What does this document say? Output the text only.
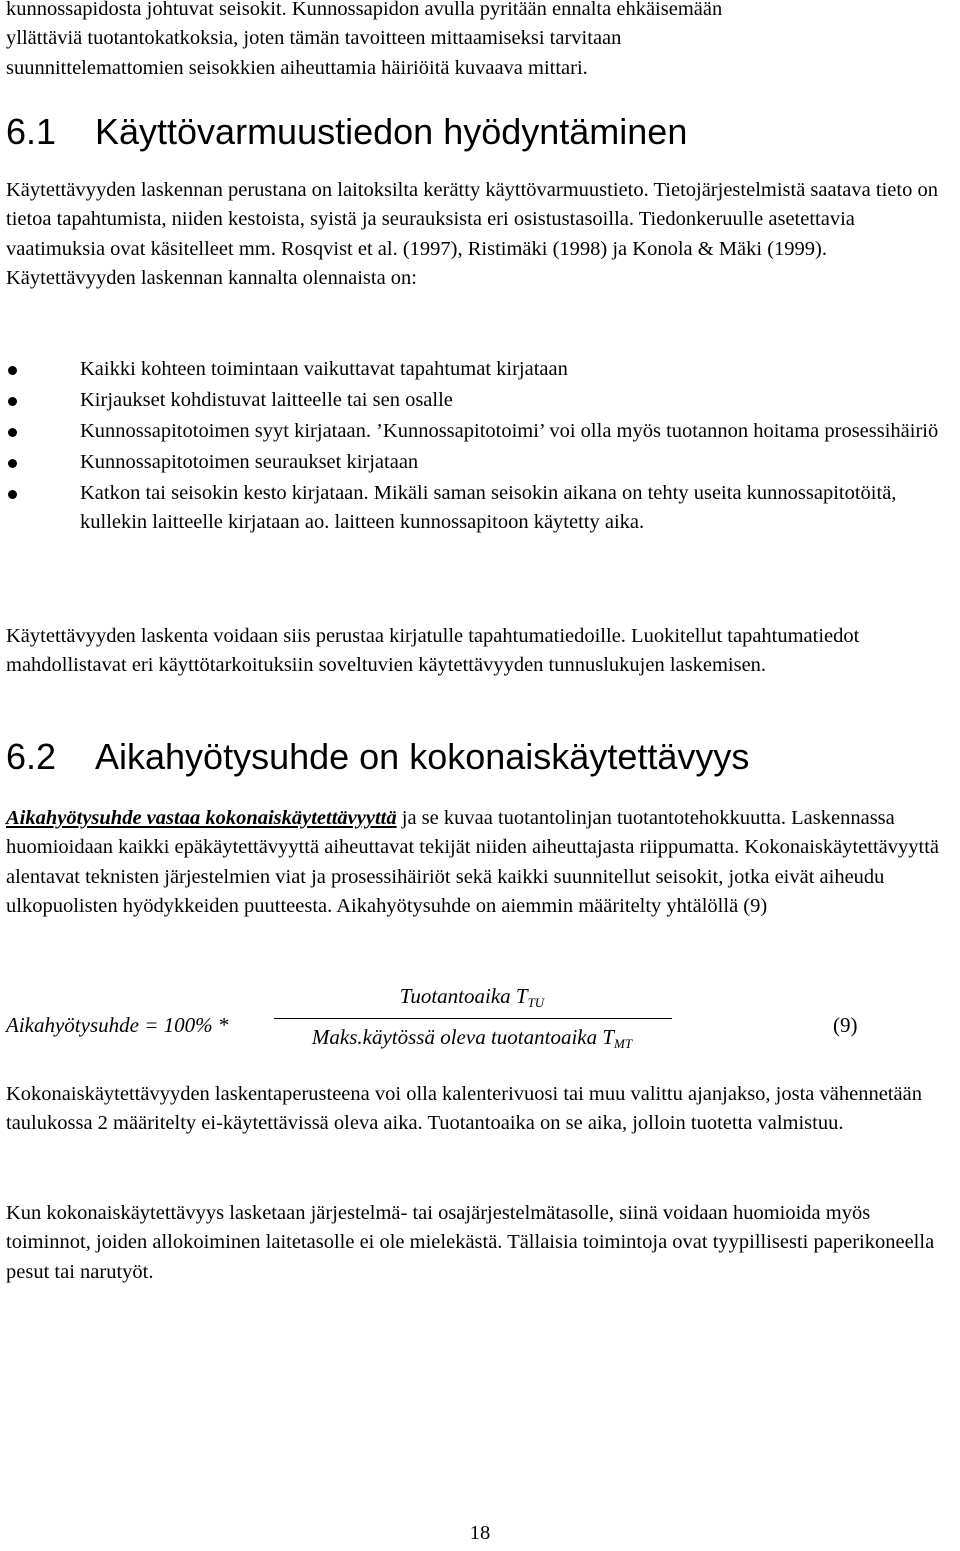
kunnossapidosta johtuvat seisokit. Kunnossapidon avulla pyritään ennalta ehkäisemään

yllättäviä tuotantokatkoksia, joten tämän tavoitteen mittaamiseksi tarvitaan

suunnittelemattomien seisokkien aiheuttamia häiriöitä kuvaava mittari.

6.1 Käyttövarmuustiedon hyödyntäminen

Käytettävyyden laskennan perustana on laitoksilta kerätty käyttövarmuustieto. Tietojärjestelmistä saatava tieto on tietoa tapahtumista, niiden kestoista, syistä ja seurauksista eri osistustasoilla. Tiedonkeruulle asetettavia vaatimuksia ovat käsitelleet mm. Rosqvist et al. (1997), Ristimäki (1998) ja Konola & Mäki (1999). Käytettävyyden laskennan kannalta olennaista on:

Kaikki kohteen toimintaan vaikuttavat tapahtumat kirjataan
Kirjaukset kohdistuvat laitteelle tai sen osalle
Kunnossapitotoimen syyt kirjataan. ’Kunnossapitotoimi’ voi olla myös tuotannon hoitama prosessihäiriö
Kunnossapitotoimen seuraukset kirjataan
Katkon tai seisokin kesto kirjataan. Mikäli saman seisokin aikana on tehty useita kunnossapitotöitä, kullekin laitteelle kirjataan ao. laitteen kunnossapitoon käytetty aika.

Käytettävyyden laskenta voidaan siis perustaa kirjatulle tapahtumatiedoille. Luokitellut tapahtumatiedot mahdollistavat eri käyttötarkoituksiin soveltuvien käytettävyyden tunnuslukujen laskemisen.

6.2 Aikahyötysuhde on kokonaiskäytettävyys

Aikahyötysuhde vastaa kokonaiskäytettävyyttä ja se kuvaa tuotantolinjan tuotantotehokkuutta. Laskennassa huomioidaan kaikki epäkäytettävyyttä aiheuttavat tekijät niiden aiheuttajasta riippumatta. Kokonaiskäytettävyyttä alentavat teknisten järjestelmien viat ja prosessihäiriöt sekä kaikki suunnitellut seisokit, jotka eivät aiheudu ulkopuolisten hyödykkeiden puutteesta. Aikahyötysuhde on aiemmin määritelty yhtälöllä (9)

Aikahyötysuhde = 100% *
Tuotantoaika $T_{TU}$
Maks.käytössä oleva tuotantoaika $T_{MT}$
(9)

Kokonaiskäytettävyyden laskentaperusteena voi olla kalenterivuosi tai muu valittu ajanjakso, josta vähennetään taulukossa 2 määritelty ei-käytettävissä oleva aika. Tuotantoaika on se aika, jolloin tuotetta valmistuu.

Kun kokonaiskäytettävyys lasketaan järjestelmä- tai osajärjestelmätasolle, siinä voidaan huomioida myös toiminnot, joiden allokoiminen laitetasolle ei ole mielekästä. Tällaisia toimintoja ovat tyypillisesti paperikoneella pesut tai narutyöt.

18
